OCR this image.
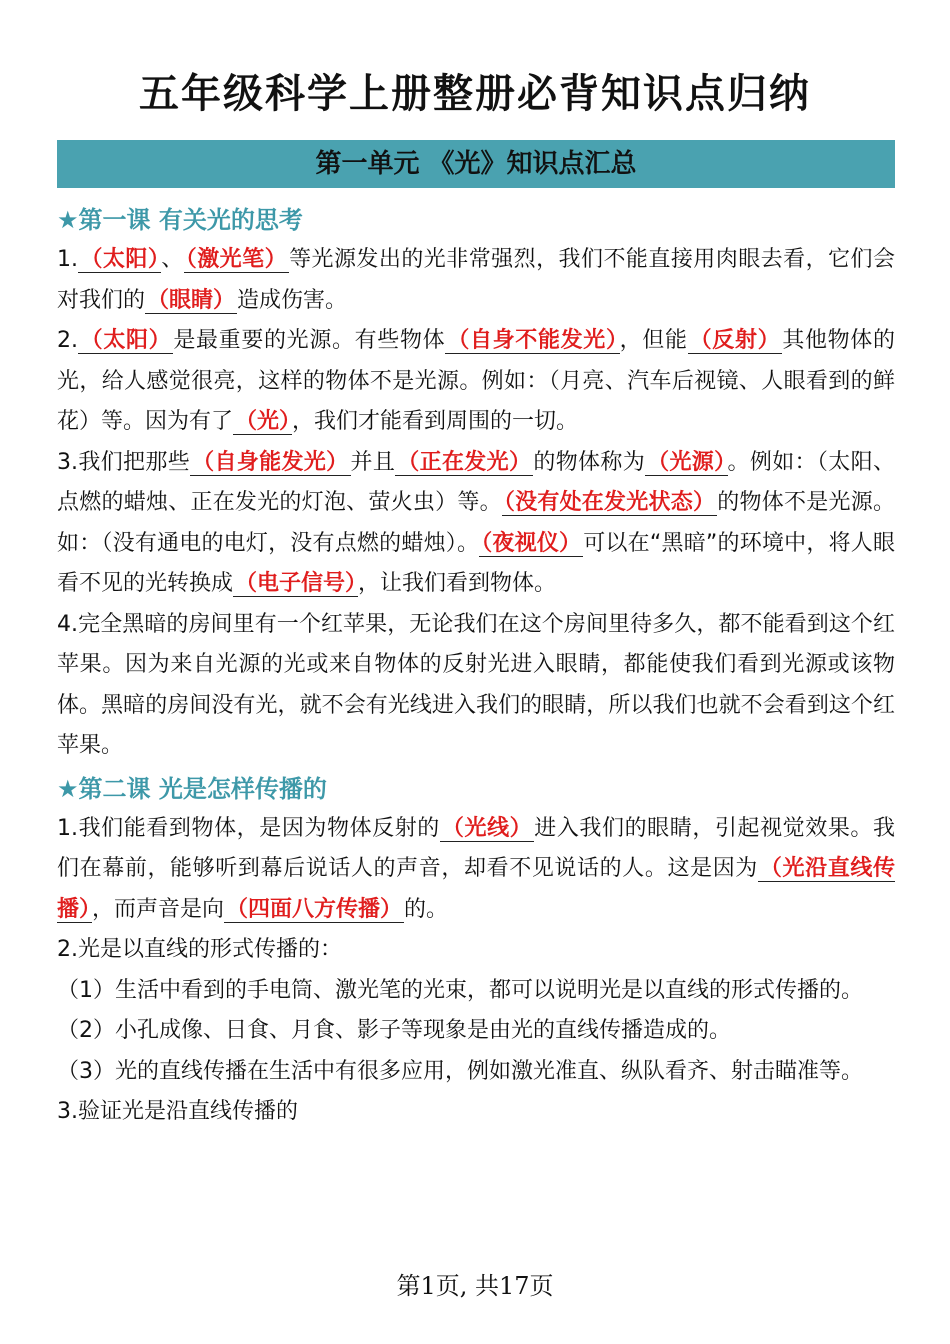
五年级科学上册整册必背知识点归纳
第一单元 《光》知识点汇总
★第一课 有关光的思考
1.（太阳）、（激光笔）等光源发出的光非常强烈，我们不能直接用肉眼去看，它们会对我们的（眼睛）造成伤害。
2.（太阳）是最重要的光源。有些物体（自身不能发光），但能（反射）其他物体的光，给人感觉很亮，这样的物体不是光源。例如：（月亮、汽车后视镜、人眼看到的鲜花）等。因为有了（光），我们才能看到周围的一切。
3.我们把那些（自身能发光）并且（正在发光）的物体称为（光源）。例如：（太阳、点燃的蜡烛、正在发光的灯泡、萤火虫）等。（没有处在发光状态）的物体不是光源。如：（没有通电的电灯，没有点燃的蜡烛）。（夜视仪）可以在“黑暗”的环境中，将人眼看不见的光转换成（电子信号），让我们看到物体。
4.完全黑暗的房间里有一个红苹果，无论我们在这个房间里待多久，都不能看到这个红苹果。因为来自光源的光或来自物体的反射光进入眼睛，都能使我们看到光源或该物体。黑暗的房间没有光，就不会有光线进入我们的眼睛，所以我们也就不会看到这个红苹果。
★第二课 光是怎样传播的
1.我们能看到物体，是因为物体反射的（光线）进入我们的眼睛，引起视觉效果。我们在幕前，能够听到幕后说话人的声音，却看不见说话的人。这是因为（光沿直线传播），而声音是向（四面八方传播）的。
2.光是以直线的形式传播的：
（1）生活中看到的手电筒、激光笔的光束，都可以说明光是以直线的形式传播的。
（2）小孔成像、日食、月食、影子等现象是由光的直线传播造成的。
（3）光的直线传播在生活中有很多应用，例如激光准直、纵队看齐、射击瞄准等。
3.验证光是沿直线传播的
第1页, 共17页
